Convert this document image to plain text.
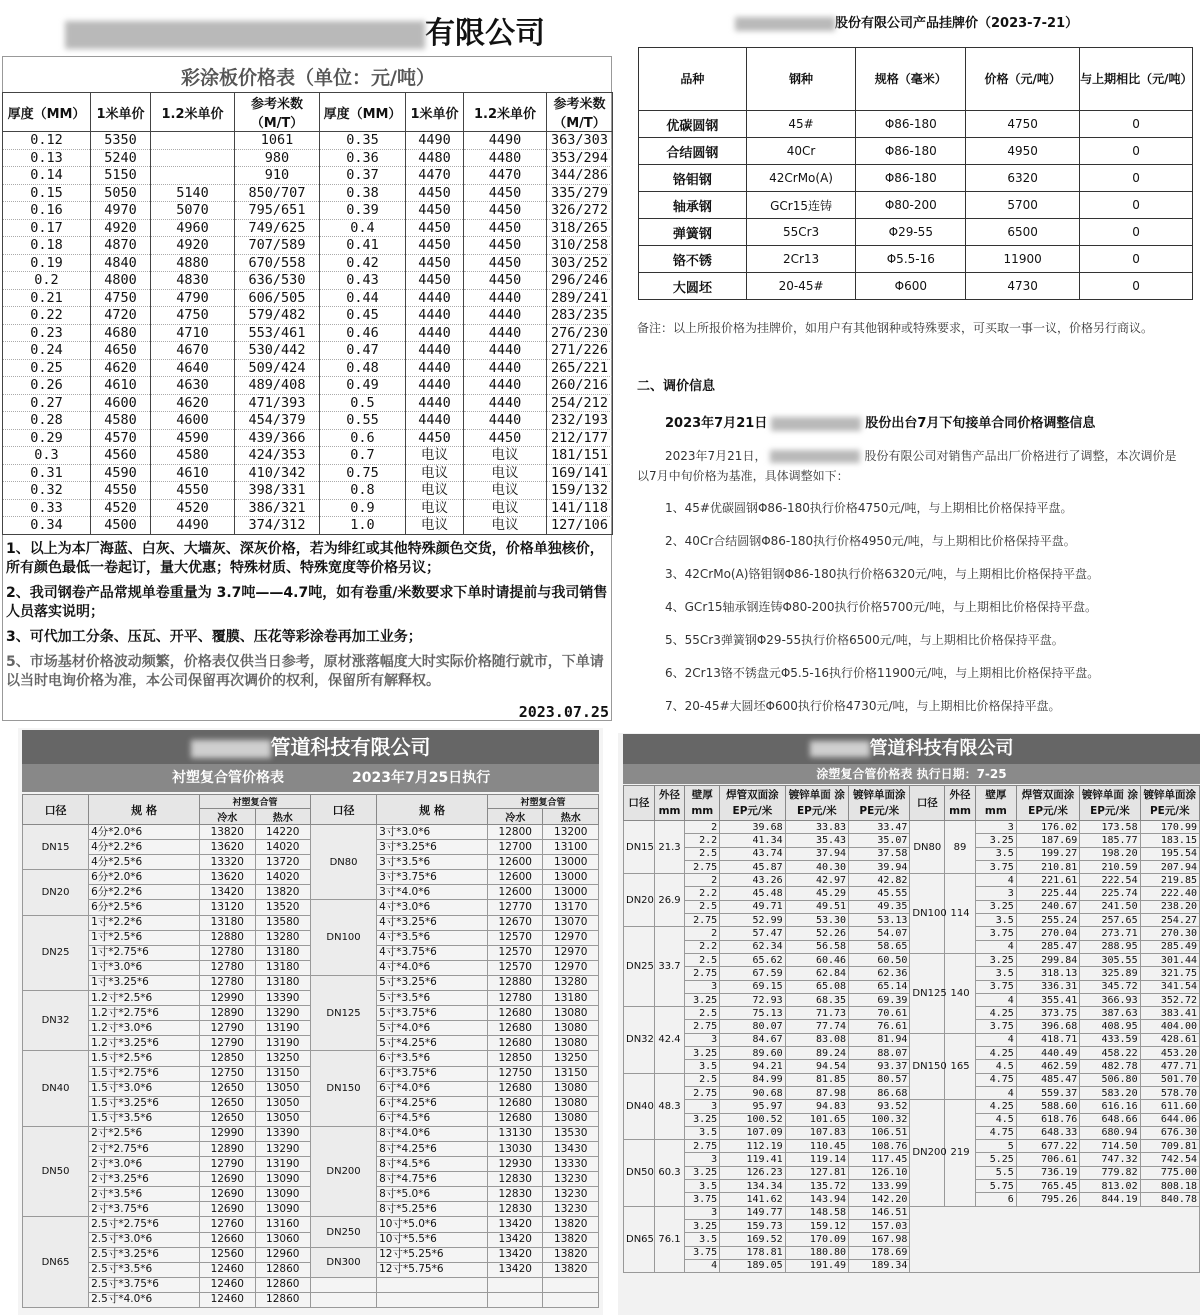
有限公司
彩涂板价格表（单位：元/吨）
厚度（MM）	1米单价	1.2米单价	参考米数（M/T）	厚度（MM）	1米单价	1.2米单价	参考米数（M/T）
0.12	5350		1061	0.35	4490	4490	363/303
0.13	5240		980	0.36	4480	4480	353/294
0.14	5150		910	0.37	4470	4470	344/286
0.15	5050	5140	850/707	0.38	4450	4450	335/279
0.16	4970	5070	795/651	0.39	4450	4450	326/272
0.17	4920	4960	749/625	0.4	4450	4450	318/265
0.18	4870	4920	707/589	0.41	4450	4450	310/258
0.19	4840	4880	670/558	0.42	4450	4450	303/252
0.2	4800	4830	636/530	0.43	4450	4450	296/246
0.21	4750	4790	606/505	0.44	4440	4440	289/241
0.22	4720	4750	579/482	0.45	4440	4440	283/235
0.23	4680	4710	553/461	0.46	4440	4440	276/230
0.24	4650	4670	530/442	0.47	4440	4440	271/226
0.25	4620	4640	509/424	0.48	4440	4440	265/221
0.26	4610	4630	489/408	0.49	4440	4440	260/216
0.27	4600	4620	471/393	0.5	4440	4440	254/212
0.28	4580	4600	454/379	0.55	4440	4440	232/193
0.29	4570	4590	439/366	0.6	4450	4450	212/177
0.3	4560	4580	424/353	0.7	电议	电议	181/151
0.31	4590	4610	410/342	0.75	电议	电议	169/141
0.32	4550	4550	398/331	0.8	电议	电议	159/132
0.33	4520	4520	386/321	0.9	电议	电议	141/118
0.34	4500	4490	374/312	1.0	电议	电议	127/106

1、以上为本厂海蓝、白灰、大墙灰、深灰价格，若为绯红或其他特殊颜色交货，价格单独核价，所有颜色最低一卷起订，量大优惠；特殊材质、特殊宽度等价格另议；

2、我司钢卷产品常规单卷重量为 3.7吨——4.7吨，如有卷重/米数要求下单时请提前与我司销售人员落实说明；

3、可代加工分条、压瓦、开平、覆膜、压花等彩涂卷再加工业务；

5、市场基材价格波动频繁，价格表仅供当日参考，原材涨落幅度大时实际价格随行就市，下单请以当时电询价格为准，本公司保留再次调价的权利，保留所有解释权。

2023.07.25
股份有限公司产品挂牌价（2023-7-21）
品种	钢种	规格（毫米）	价格（元/吨）	与上期相比（元/吨）
优碳圆钢	45#	Φ86-180	4750	0
合结圆钢	40Cr	Φ86-180	4950	0
铬钼钢	42CrMo(A)	Φ86-180	6320	0
轴承钢	GCr15连铸	Φ80-200	5700	0
弹簧钢	55Cr3	Φ29-55	6500	0
铬不锈	2Cr13	Φ5.5-16	11900	0
大圆坯	20-45#	Φ600	4730	0
备注：以上所报价格为挂牌价，如用户有其他钢种或特殊要求，可买取一事一议，价格另行商议。
二、调价信息
2023年7月21日	股份出台7月下旬接单合同价格调整信息
2023年7月21日，	股份有限公司对销售产品出厂价格进行了调整，本次调价是以7月中旬价格为基准，具体调整如下：
1、45#优碳圆钢Φ86-180执行价格4750元/吨，与上期相比价格保持平盘。
2、40Cr合结圆钢Φ86-180执行价格4950元/吨，与上期相比价格保持平盘。
3、42CrMo(A)铬钼钢Φ86-180执行价格6320元/吨，与上期相比价格保持平盘。
4、GCr15轴承钢连铸Φ80-200执行价格5700元/吨，与上期相比价格保持平盘。
5、55Cr3弹簧钢Φ29-55执行价格6500元/吨，与上期相比价格保持平盘。
6、2Cr13铬不锈盘元Φ5.5-16执行价格11900元/吨，与上期相比价格保持平盘。
7、20-45#大圆坯Φ600执行价格4730元/吨，与上期相比价格保持平盘。
管道科技有限公司
衬塑复合管价格表	2023年7月25日执行
口径	规 格	衬塑复合管		口径	规 格	衬塑复合管	
		冷水	热水			冷水	热水
DN15	4分*2.0*6	13820	14220	DN80	3寸*3.0*6	12800	13200
	4分*2.2*6	13620	14020		3寸*3.25*6	12700	13100
	4分*2.5*6	13320	13720		3寸*3.5*6	12600	13000
DN20	6分*2.0*6	13620	14020		3寸*3.75*6	12600	13000
	6分*2.2*6	13420	13820		3寸*4.0*6	12600	13000
	6分*2.5*6	13120	13520	DN100	4寸*3.0*6	12770	13170
DN25	1寸*2.2*6	13180	13580		4寸*3.25*6	12670	13070
	1寸*2.5*6	12880	13280		4寸*3.5*6	12570	12970
	1寸*2.75*6	12780	13180		4寸*3.75*6	12570	12970
	1寸*3.0*6	12780	13180		4寸*4.0*6	12570	12970
	1寸*3.25*6	12780	13180	DN125	5寸*3.25*6	12880	13280
DN32	1.2寸*2.5*6	12990	13390		5寸*3.5*6	12780	13180
	1.2寸*2.75*6	12890	13290		5寸*3.75*6	12680	13080
	1.2寸*3.0*6	12790	13190		5寸*4.0*6	12680	13080
	1.2寸*3.25*6	12790	13190		5寸*4.25*6	12680	13080
DN40	1.5寸*2.5*6	12850	13250	DN150	6寸*3.5*6	12850	13250
	1.5寸*2.75*6	12750	13150		6寸*3.75*6	12750	13150
	1.5寸*3.0*6	12650	13050		6寸*4.0*6	12680	13080
	1.5寸*3.25*6	12650	13050		6寸*4.25*6	12680	13080
	1.5寸*3.5*6	12650	13050		6寸*4.5*6	12680	13080
DN50	2寸*2.5*6	12990	13390	DN200	8寸*4.0*6	13130	13530
	2寸*2.75*6	12890	13290		8寸*4.25*6	13030	13430
	2寸*3.0*6	12790	13190		8寸*4.5*6	12930	13330
	2寸*3.25*6	12690	13090		8寸*4.75*6	12830	13230
	2寸*3.5*6	12690	13090		8寸*5.0*6	12830	13230
	2寸*3.75*6	12690	13090		8寸*5.25*6	12830	13230
DN65	2.5寸*2.75*6	12760	13160	DN250	10寸*5.0*6	13420	13820
	2.5寸*3.0*6	12660	13060		10寸*5.5*6	13420	13820
	2.5寸*3.25*6	12560	12960	DN300	12寸*5.25*6	13420	13820
	2.5寸*3.5*6	12460	12860		12寸*5.75*6	13420	13820
	2.5寸*3.75*6	12460	12860				
	2.5寸*4.0*6	12460	12860				
管道科技有限公司
涂塑复合管价格表 执行日期：7-25
口径	外径 mm	壁厚 mm	焊管双面涂 EP元/米	镀锌单面 涂EP元/米	镀锌单面涂 PE元/米	口径	外径 mm	壁厚 mm	焊管双面涂 EP元/米	镀锌单面 涂EP元/米	镀锌单面涂 PE元/米
DN15	21.3	2	39.68	33.83	33.47	DN80	89	3	176.02	173.58	170.99
		2.2	41.34	35.43	35.07			3.25	187.69	185.77	183.15
		2.5	43.74	37.94	37.58			3.5	199.27	198.20	195.54
		2.75	45.87	40.30	39.94			3.75	210.81	210.59	207.94
DN20	26.9	2	43.26	42.97	42.82	DN100	114	4	221.61	222.54	219.85
		2.2	45.48	45.29	45.55			3	225.44	225.74	222.40
		2.5	49.71	49.51	49.35			3.25	240.67	241.50	238.20
		2.75	52.99	53.30	53.13			3.5	255.24	257.65	254.27
DN25	33.7	2	57.47	52.26	54.07			3.75	270.04	273.71	270.30
		2.2	62.34	56.58	58.65			4	285.47	288.95	285.49
		2.5	65.62	60.46	60.50	DN125	140	3.25	299.84	305.55	301.44
		2.75	67.59	62.84	62.36			3.5	318.13	325.89	321.75
		3	69.15	65.08	65.14			3.75	336.31	345.72	341.54
		3.25	72.93	68.35	69.39			4	355.41	366.93	352.72
DN32	42.4	2.5	75.13	71.73	70.61			4.25	373.75	387.63	383.41
		2.75	80.07	77.74	76.61			3.75	396.68	408.95	404.00
		3	84.67	83.08	81.94	DN150	165	4	418.71	433.59	428.61
		3.25	89.60	89.24	88.07			4.25	440.49	458.22	453.20
		3.5	94.21	94.54	93.37			4.5	462.59	482.78	477.71
DN40	48.3	2.5	84.99	81.85	80.57			4.75	485.47	506.80	501.70
		2.75	90.68	87.98	86.68			4	559.37	583.20	578.70
		3	95.97	94.83	93.52	DN200	219	4.25	588.60	616.16	611.60
		3.25	100.52	101.65	100.32			4.5	618.76	648.66	644.06
		3.5	107.09	107.83	106.51			4.75	648.33	680.94	676.30
DN50	60.3	2.75	112.19	110.45	108.76			5	677.22	714.50	709.81
		3	119.41	119.14	117.45			5.25	706.61	747.32	742.54
		3.25	126.23	127.81	126.10			5.5	736.19	779.82	775.00
		3.5	134.34	135.72	133.99			5.75	765.45	813.02	808.18
		3.75	141.62	143.94	142.20			6	795.26	844.19	840.78
DN65	76.1	3	149.77	148.58	146.51						
		3.25	159.73	159.12	157.03						
		3.5	169.52	170.09	167.98						
		3.75	178.81	180.80	178.69						
		4	189.05	191.49	189.34						
